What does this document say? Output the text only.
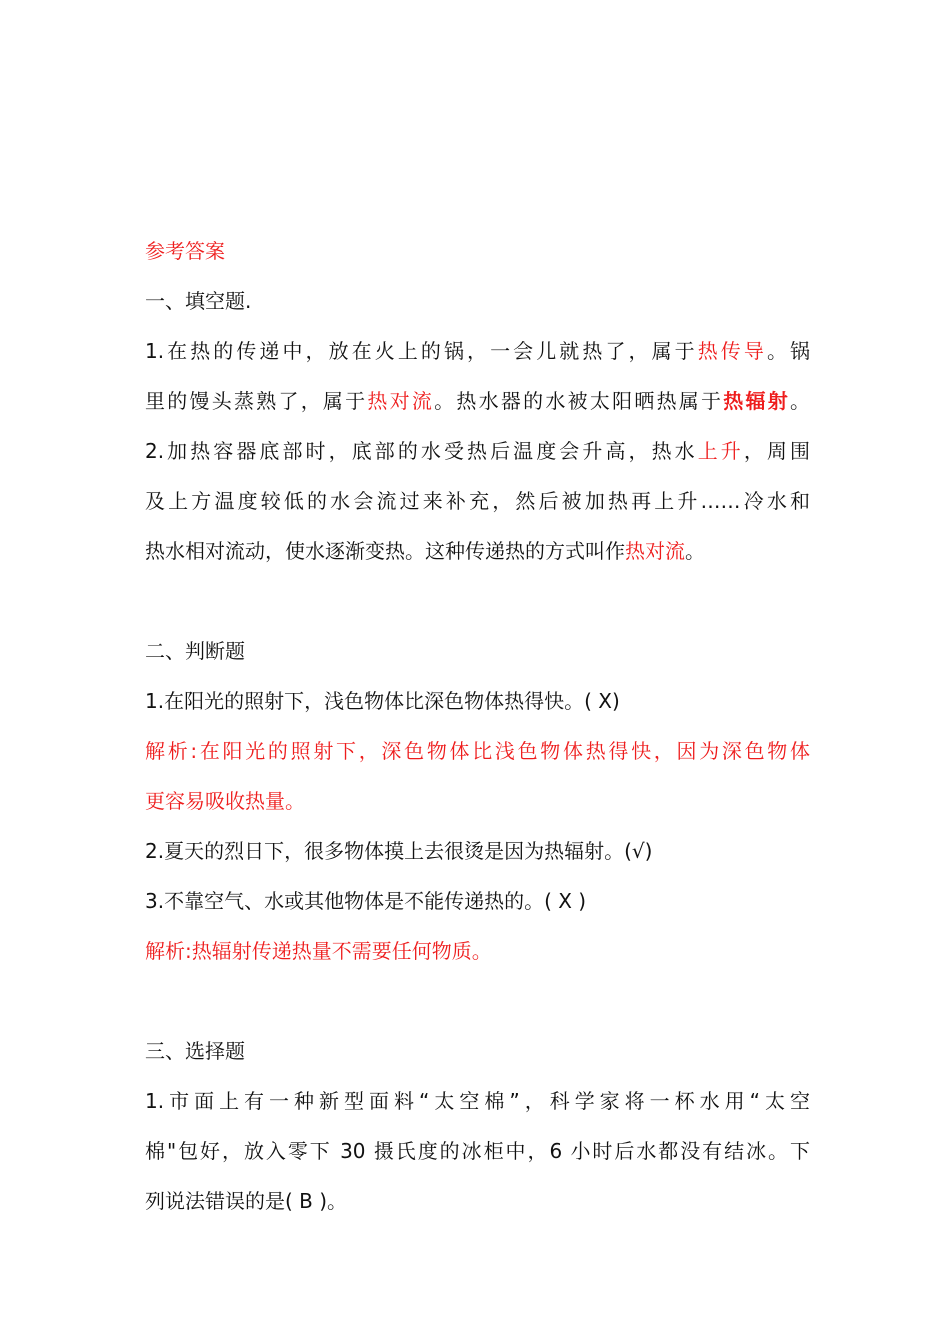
参考答案
一、填空题.
1.在热的传递中，放在火上的锅，一会儿就热了，属于热传导。锅
里的馒头蒸熟了，属于热对流。热水器的水被太阳晒热属于热辐射。
2.加热容器底部时，底部的水受热后温度会升高，热水上升，周围
及上方温度较低的水会流过来补充，然后被加热再上升……冷水和
热水相对流动，使水逐渐变热。这种传递热的方式叫作热对流。
二、判断题
1.在阳光的照射下，浅色物体比深色物体热得快。( X)
解析:在阳光的照射下，深色物体比浅色物体热得快，因为深色物体
更容易吸收热量。
2.夏天的烈日下，很多物体摸上去很烫是因为热辐射。(√)
3.不靠空气、水或其他物体是不能传递热的。( X )
解析:热辐射传递热量不需要任何物质。
三、选择题
1.市面上有一种新型面料“太空棉”，科学家将一杯水用“太空
棉"包好，放入零下 30 摄氏度的冰柜中，6 小时后水都没有结冰。下
列说法错误的是( B )。
